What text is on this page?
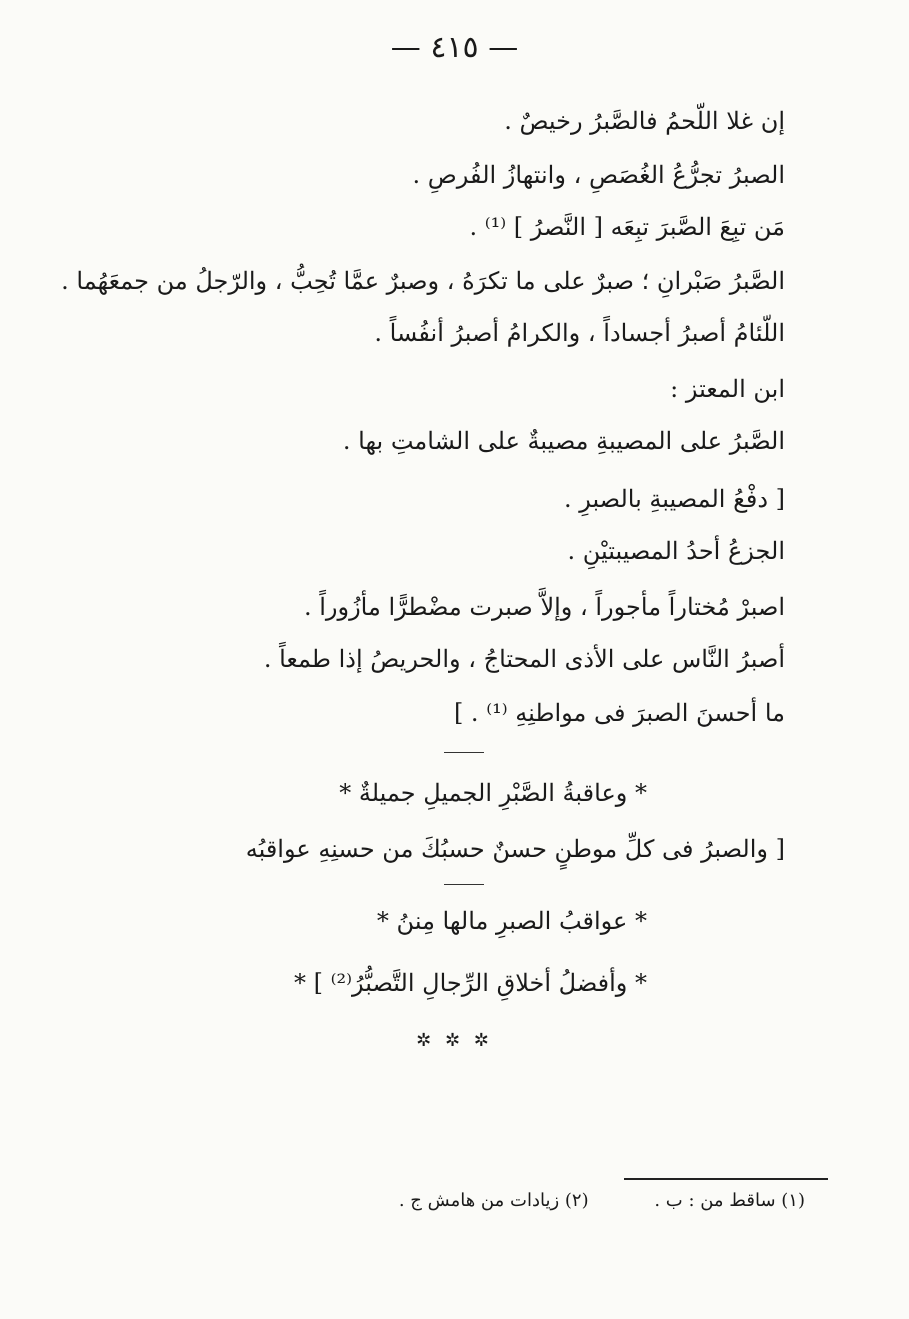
— ٤١٥ —
إن غلا اللّحمُ فالصَّبرُ رخيصٌ .
الصبرُ تجرُّعُ الغُصَصِ ، وانتهازُ الفُرصِ .
مَن تبِعَ الصَّبرَ تبِعَه [ النَّصرُ ] ⁽¹⁾ .
الصَّبرُ صَبْرانِ ؛ صبرٌ على ما تكرَهُ ، وصبرٌ عمَّا تُحِبُّ ، والرّجلُ من جمعَهُما .
اللّئامُ أصبرُ أجساداً ، والكرامُ أصبرُ أنفُساً .
ابن المعتز :
الصَّبرُ على المصيبةِ مصيبةٌ على الشامتِ بها .
[ دفْعُ المصيبةِ بالصبرِ .
الجزعُ أحدُ المصيبتيْنِ .
اصبرْ مُختاراً مأجوراً ، وإلاَّ صبرت مضْطرًّا مأزُوراً .
أصبرُ النَّاس على الأذى المحتاجُ ، والحريصُ إذا طمعاً .
ما أحسنَ الصبرَ فى مواطنِهِ ⁽¹⁾ . ]
* وعاقبةُ الصَّبْرِ الجميلِ جميلةٌ *
[ والصبرُ فى كلِّ موطنٍ حسنٌ حسبُكَ من حسنِهِ عواقبُه
* عواقبُ الصبرِ مالها مِننُ *
* وأفضلُ أخلاقِ الرِّجالِ التَّصبُّرُ⁽²⁾ ] *
✲ ✲ ✲
(١) ساقط من : ب . (٢) زيادات من هامش ج .
